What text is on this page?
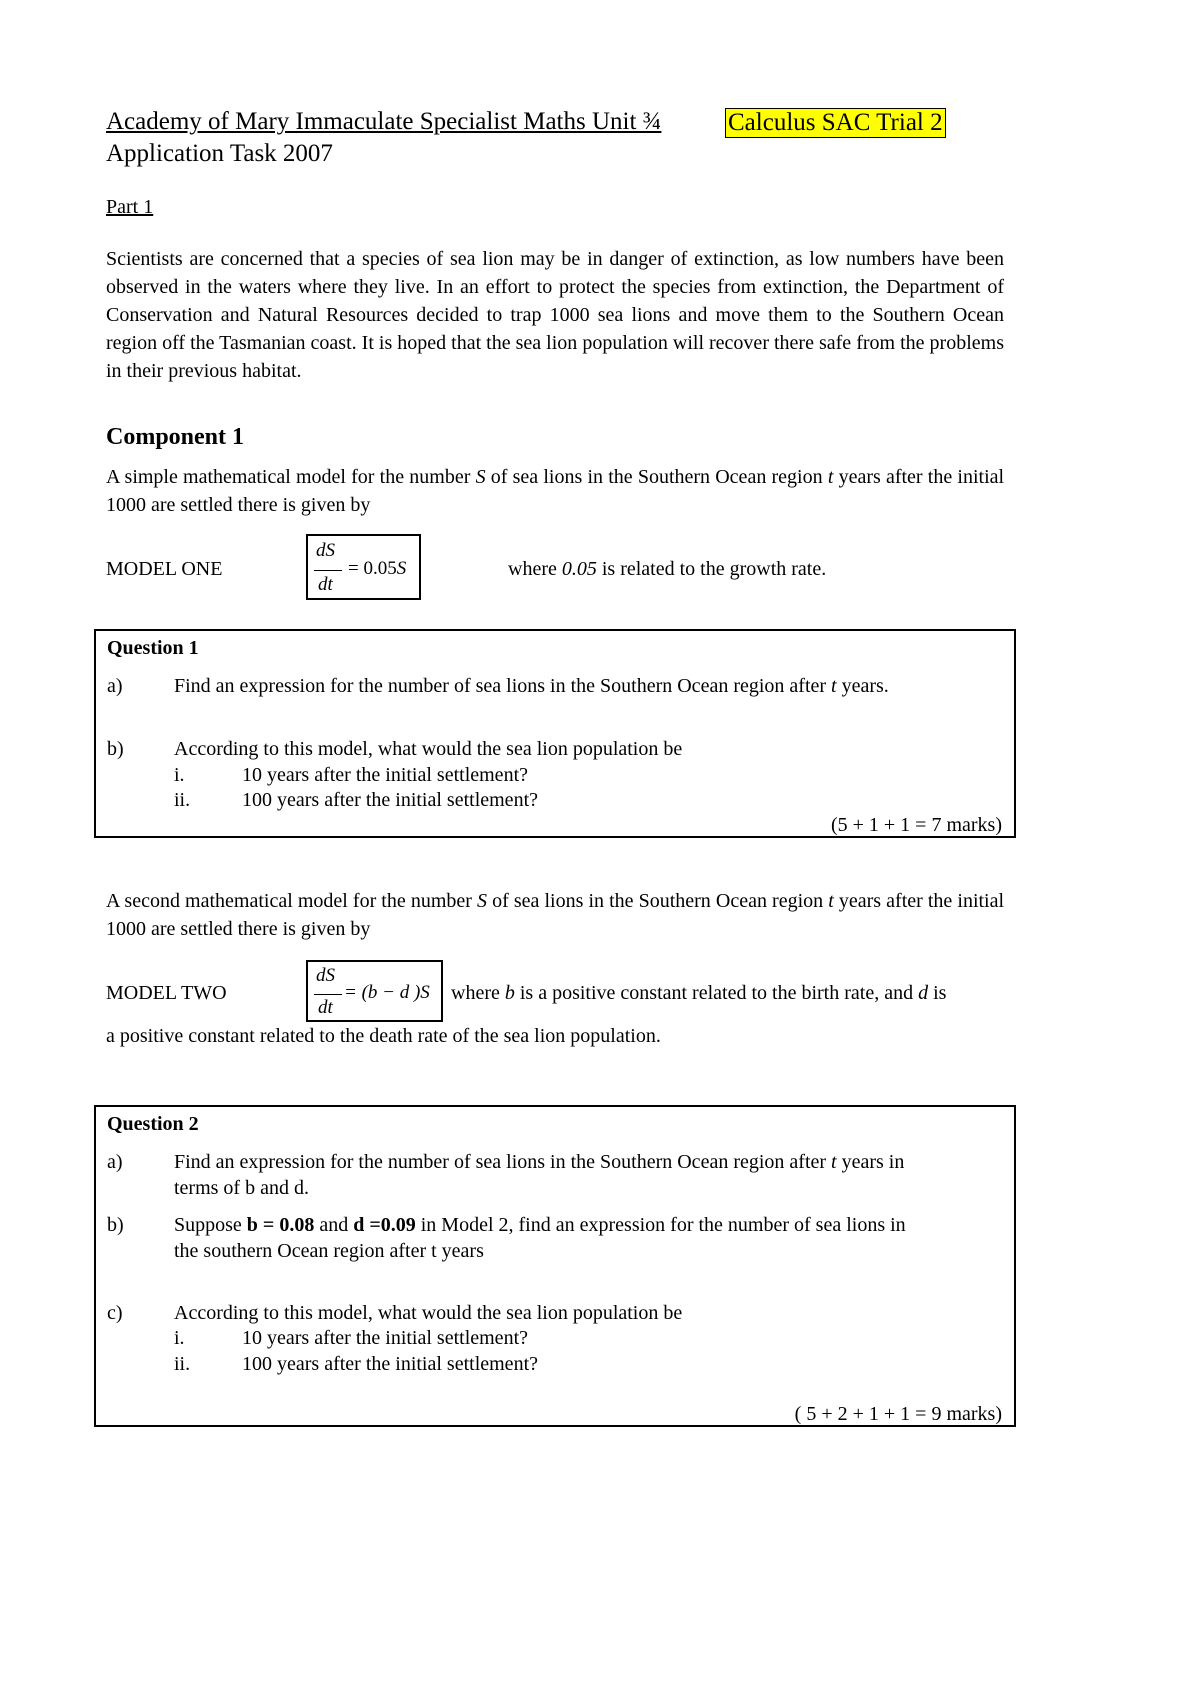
Academy of Mary Immaculate Specialist Maths Unit ¾	Calculus SAC Trial 2
Application Task 2007
Part 1
Scientists are concerned that a species of sea lion may be in danger of extinction, as low numbers have been observed in the waters where they live. In an effort to protect the species from extinction, the Department of Conservation and Natural Resources decided to trap 1000 sea lions and move them to the Southern Ocean region off the Tasmanian coast. It is hoped that the sea lion population will recover there safe from the problems in their previous habitat.
Component 1
A simple mathematical model for the number S of sea lions in the Southern Ocean region t years after the initial 1000 are settled there is given by
MODEL ONE
dS
dt
= 0.05S	where 0.05 is related to the growth rate.
Question 1
a)	Find an expression for the number of sea lions in the Southern Ocean region after t years.
b)	According to this model, what would the sea lion population be
i.	10 years after the initial settlement?
ii.	100 years after the initial settlement?
(5 + 1 + 1 = 7 marks)
A second mathematical model for the number S of sea lions in the Southern Ocean region t years after the initial 1000 are settled there is given by
MODEL TWO
dS
dt
= (b − d )S where b is a positive constant related to the birth rate, and d is
a positive constant related to the death rate of the sea lion population.
Question 2
a)	Find an expression for the number of sea lions in the Southern Ocean region after t years in
terms of b and d.
b)	Suppose b = 0.08 and d =0.09 in Model 2, find an expression for the number of sea lions in
the southern Ocean region after t years
c)	According to this model, what would the sea lion population be
i.	10 years after the initial settlement?
ii.	100 years after the initial settlement?
( 5 + 2 + 1 + 1 = 9 marks)
